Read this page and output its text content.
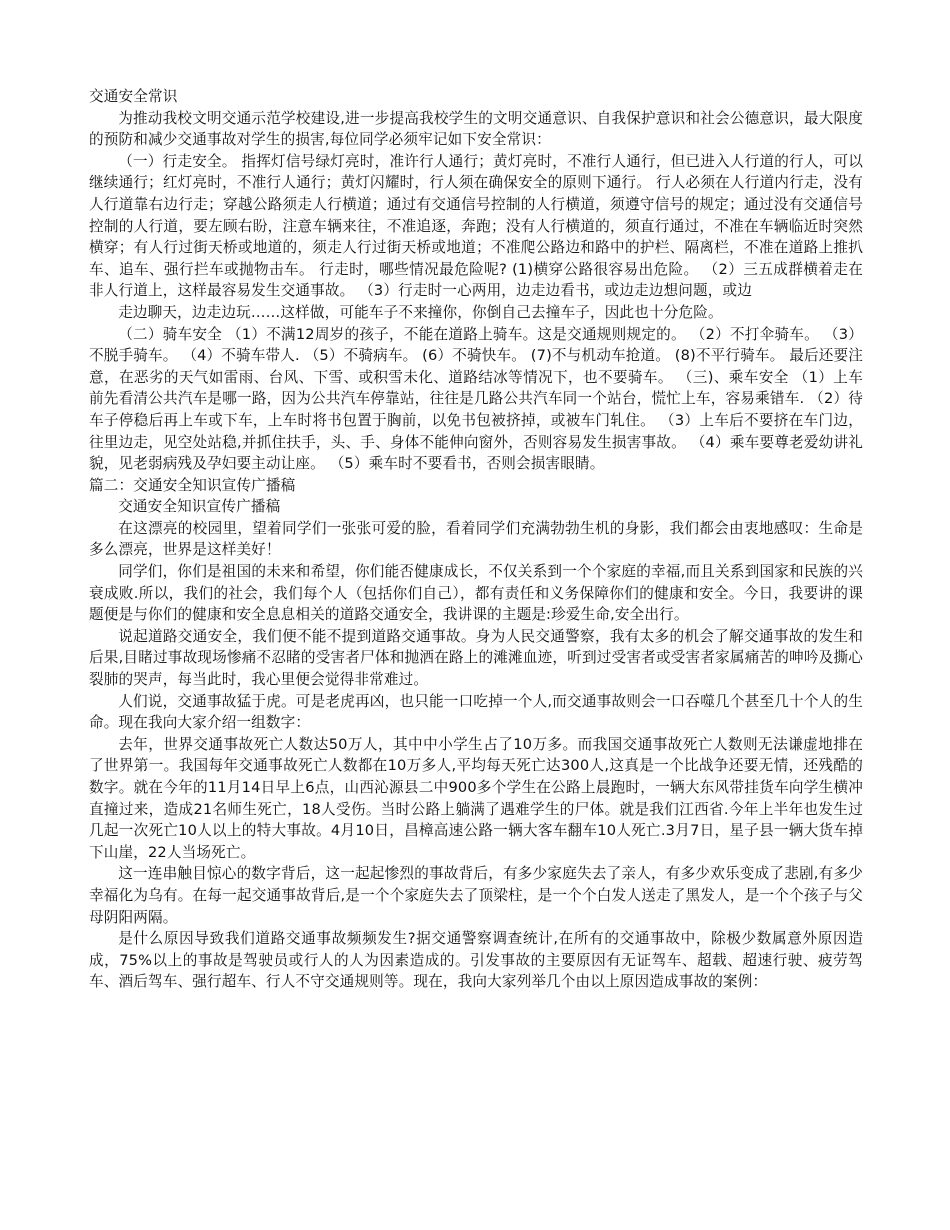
交通安全常识

为推动我校文明交通示范学校建设,进一步提高我校学生的文明交通意识、自我保护意识和社会公德意识，最大限度的预防和减少交通事故对学生的损害,每位同学必须牢记如下安全常识：

（一）行走安全。 指挥灯信号绿灯亮时，准许行人通行；黄灯亮时，不准行人通行，但已进入人行道的行人，可以继续通行；红灯亮时，不准行人通行；黄灯闪耀时，行人须在确保安全的原则下通行。 行人必须在人行道内行走，没有人行道靠右边行走；穿越公路须走人行横道；通过有交通信号控制的人行横道，须遵守信号的规定；通过没有交通信号控制的人行道，要左顾右盼，注意车辆来往，不准追逐，奔跑；没有人行横道的，须直行通过，不准在车辆临近时突然横穿；有人行过街天桥或地道的，须走人行过街天桥或地道；不准爬公路边和路中的护栏、隔离栏，不准在道路上推扒车、追车、强行拦车或抛物击车。 行走时，哪些情况最危险呢? (1)横穿公路很容易出危险。 （2）三五成群横着走在非人行道上，这样最容易发生交通事故。 （3）行走时一心两用，边走边看书，或边走边想问题，或边

走边聊天，边走边玩……这样做，可能车子不来撞你，你倒自己去撞车子，因此也十分危险。

（二）骑车安全 （1）不满12周岁的孩子，不能在道路上骑车。这是交通规则规定的。 （2）不打伞骑车。 （3）不脱手骑车。 （4）不骑车带人. （5）不骑病车。 (6）不骑快车。 (7)不与机动车抢道。 (8)不平行骑车。 最后还要注意，在恶劣的天气如雷雨、台风、下雪、或积雪未化、道路结冰等情况下，也不要骑车。 （三)、乘车安全 （1）上车前先看清公共汽车是哪一路，因为公共汽车停靠站，往往是几路公共汽车同一个站台，慌忙上车，容易乘错车. （2）待车子停稳后再上车或下车，上车时将书包置于胸前，以免书包被挤掉，或被车门轧住。 （3）上车后不要挤在车门边，往里边走，见空处站稳,并抓住扶手，头、手、身体不能伸向窗外，否则容易发生损害事故。 （4）乘车要尊老爱幼讲礼貌，见老弱病残及孕妇要主动让座。 （5）乘车时不要看书，否则会损害眼睛。

篇二：交通安全知识宣传广播稿

交通安全知识宣传广播稿

在这漂亮的校园里，望着同学们一张张可爱的脸，看着同学们充满勃勃生机的身影，我们都会由衷地感叹：生命是多么漂亮，世界是这样美好！

同学们，你们是祖国的未来和希望，你们能否健康成长，不仅关系到一个个家庭的幸福,而且关系到国家和民族的兴衰成败.所以，我们的社会，我们每个人（包括你们自己），都有责任和义务保障你们的健康和安全。今日，我要讲的课题便是与你们的健康和安全息息相关的道路交通安全，我讲课的主题是:珍爱生命,安全出行。

说起道路交通安全，我们便不能不提到道路交通事故。身为人民交通警察，我有太多的机会了解交通事故的发生和后果,目睹过事故现场惨痛不忍睹的受害者尸体和抛洒在路上的滩滩血迹，听到过受害者或受害者家属痛苦的呻吟及撕心裂肺的哭声，每当此时，我心里便会觉得非常难过。

人们说，交通事故猛于虎。可是老虎再凶，也只能一口吃掉一个人,而交通事故则会一口吞噬几个甚至几十个人的生命。现在我向大家介绍一组数字：

去年，世界交通事故死亡人数达50万人，其中中小学生占了10万多。而我国交通事故死亡人数则无法谦虚地排在了世界第一。我国每年交通事故死亡人数都在10万多人,平均每天死亡达300人,这真是一个比战争还要无情，还残酷的数字。就在今年的11月14日早上6点，山西沁源县二中900多个学生在公路上晨跑时，一辆大东风带挂货车向学生横冲直撞过来，造成21名师生死亡，18人受伤。当时公路上躺满了遇难学生的尸体。就是我们江西省.今年上半年也发生过几起一次死亡10人以上的特大事故。4月10日，昌樟高速公路一辆大客车翻车10人死亡.3月7日，星子县一辆大货车掉下山崖，22人当场死亡。

这一连串触目惊心的数字背后，这一起起惨烈的事故背后，有多少家庭失去了亲人，有多少欢乐变成了悲剧,有多少幸福化为乌有。在每一起交通事故背后,是一个个家庭失去了顶梁柱，是一个个白发人送走了黑发人，是一个个孩子与父母阴阳两隔。

是什么原因导致我们道路交通事故频频发生?据交通警察调查统计,在所有的交通事故中，除极少数属意外原因造成，75%以上的事故是驾驶员或行人的人为因素造成的。引发事故的主要原因有无证驾车、超载、超速行驶、疲劳驾车、酒后驾车、强行超车、行人不守交通规则等。现在，我向大家列举几个由以上原因造成事故的案例：
